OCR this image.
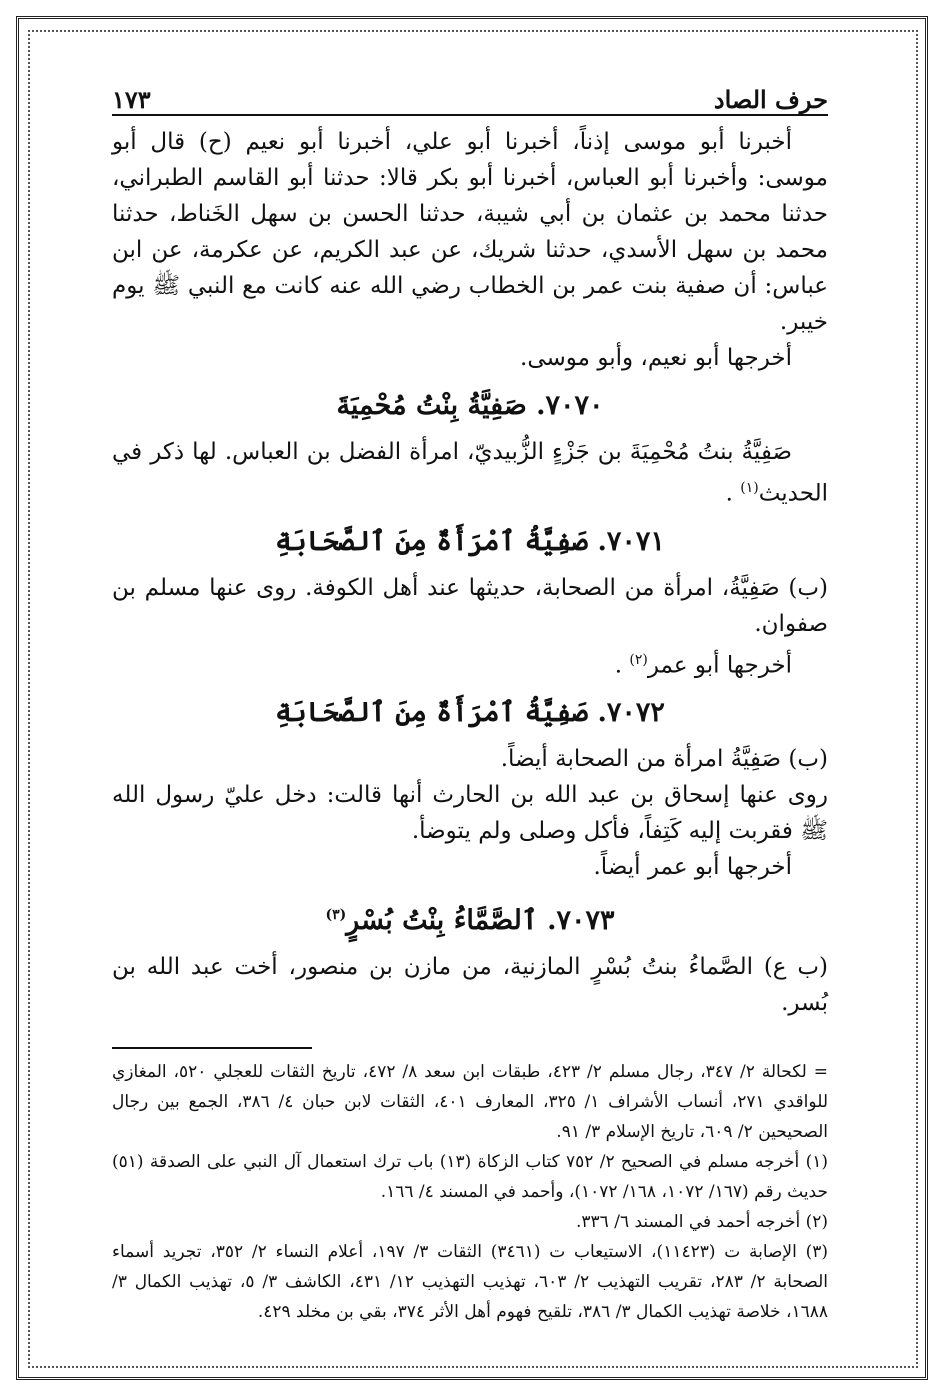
حرف الصاد
١٧٣

أخبرنا أبو موسى إذناً، أخبرنا أبو علي، أخبرنا أبو نعيم (ح) قال أبو موسى: وأخبرنا أبو العباس، أخبرنا أبو بكر قالا: حدثنا أبو القاسم الطبراني، حدثنا محمد بن عثمان بن أبي شيبة، حدثنا الحسن بن سهل الخَناط، حدثنا محمد بن سهل الأسدي، حدثنا شريك، عن عبد الكريم، عن عكرمة، عن ابن عباس: أن صفية بنت عمر بن الخطاب رضي الله عنه كانت مع النبي ﷺ يوم خيبر.

أخرجها أبو نعيم، وأبو موسى.

٧٠٧٠. صَفِيَّةُ بِنْتُ مُحْمِيَةَ

صَفِيَّةُ بنتُ مُحْمِيَةَ بن جَزْءٍ الزُّبيديّ، امرأة الفضل بن العباس. لها ذكر في الحديث$^{(١)}$ .

٧٠٧١. صَفِيَّةُ ٱمْرَأَةٌ مِنَ ٱلصَّحَابَةِ

(ب) صَفِيَّةُ، امرأة من الصحابة، حديثها عند أهل الكوفة. روى عنها مسلم بن صفوان.

أخرجها أبو عمر$^{(٢)}$ .

٧٠٧٢. صَفِيَّةُ ٱمْرَأَةٌ مِنَ ٱلصَّحَابَةِ

(ب) صَفِيَّةُ امرأة من الصحابة أيضاً.

روى عنها إسحاق بن عبد الله بن الحارث أنها قالت: دخل عليّ رسول الله ﷺ فقربت إليه كَتِفاً، فأكل وصلى ولم يتوضأ.

أخرجها أبو عمر أيضاً.

٧٠٧٣. ٱلصَّمَّاءُ بِنْتُ بُسْرٍ$^{(٣)}$

(ب ع) الصَّماءُ بنتُ بُسْرٍ المازنية، من مازن بن منصور، أخت عبد الله بن بُسر.

= لكحالة ٢/ ٣٤٧، رجال مسلم ٢/ ٤٢٣، طبقات ابن سعد ٨/ ٤٧٢، تاريخ الثقات للعجلي ٥٢٠، المغازي للواقدي ٢٧١، أنساب الأشراف ١/ ٣٢٥، المعارف ٤٠١، الثقات لابن حبان ٤/ ٣٨٦، الجمع بين رجال الصحيحين ٢/ ٦٠٩، تاريخ الإسلام ٣/ ٩١.

(١) أخرجه مسلم في الصحيح ٢/ ٧٥٢ كتاب الزكاة (١٣) باب ترك استعمال آل النبي على الصدقة (٥١) حديث رقم (١٦٧/ ١٠٧٢، ١٦٨/ ١٠٧٢)، وأحمد في المسند ٤/ ١٦٦.

(٢) أخرجه أحمد في المسند ٦/ ٣٣٦.

(٣) الإصابة ت (١١٤٢٣)، الاستيعاب ت (٣٤٦١) الثقات ٣/ ١٩٧، أعلام النساء ٢/ ٣٥٢، تجريد أسماء الصحابة ٢/ ٢٨٣، تقريب التهذيب ٢/ ٦٠٣، تهذيب التهذيب ١٢/ ٤٣١، الكاشف ٣/ ٥، تهذيب الكمال ٣/ ١٦٨٨، خلاصة تهذيب الكمال ٣/ ٣٨٦، تلقيح فهوم أهل الأثر ٣٧٤، بقي بن مخلد ٤٢٩.
